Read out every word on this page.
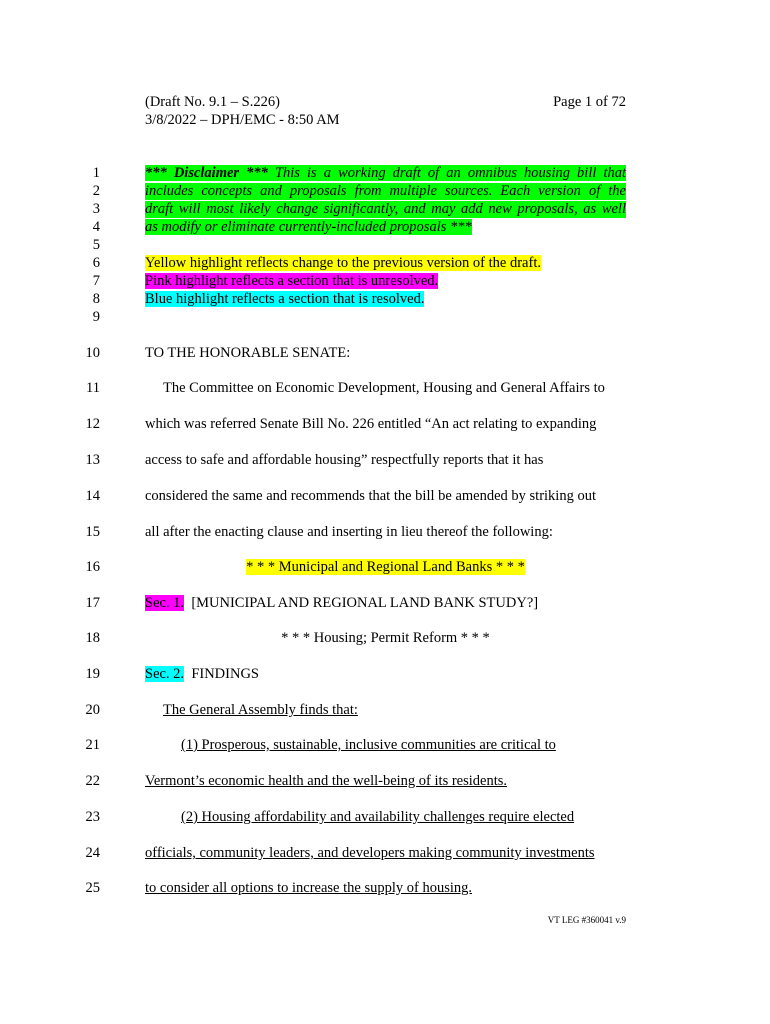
(Draft No. 9.1 – S.226)
3/8/2022 – DPH/EMC - 8:50 AM
Page 1 of 72
1
2
3
4
5
6
7
8
9
10
11
12
13
14
15
16
17
18
19
20
21
22
23
24
25
*** Disclaimer *** This is a working draft of an omnibus housing bill that
includes concepts and proposals from multiple sources. Each version of the
draft will most likely change significantly, and may add new proposals, as well
as modify or eliminate currently-included proposals ***
Yellow highlight reflects change to the previous version of the draft.
Pink highlight reflects a section that is unresolved.
Blue highlight reflects a section that is resolved.
TO THE HONORABLE SENATE:
The Committee on Economic Development, Housing and General Affairs to
which was referred Senate Bill No. 226 entitled “An act relating to expanding
access to safe and affordable housing” respectfully reports that it has
considered the same and recommends that the bill be amended by striking out
all after the enacting clause and inserting in lieu thereof the following:
* * * Municipal and Regional Land Banks * * *
Sec. 1. [MUNICIPAL AND REGIONAL LAND BANK STUDY?]
* * * Housing; Permit Reform * * *
Sec. 2. FINDINGS
The General Assembly finds that:
(1) Prosperous, sustainable, inclusive communities are critical to
Vermont’s economic health and the well-being of its residents.
(2) Housing affordability and availability challenges require elected
officials, community leaders, and developers making community investments
to consider all options to increase the supply of housing.
VT LEG #360041 v.9
